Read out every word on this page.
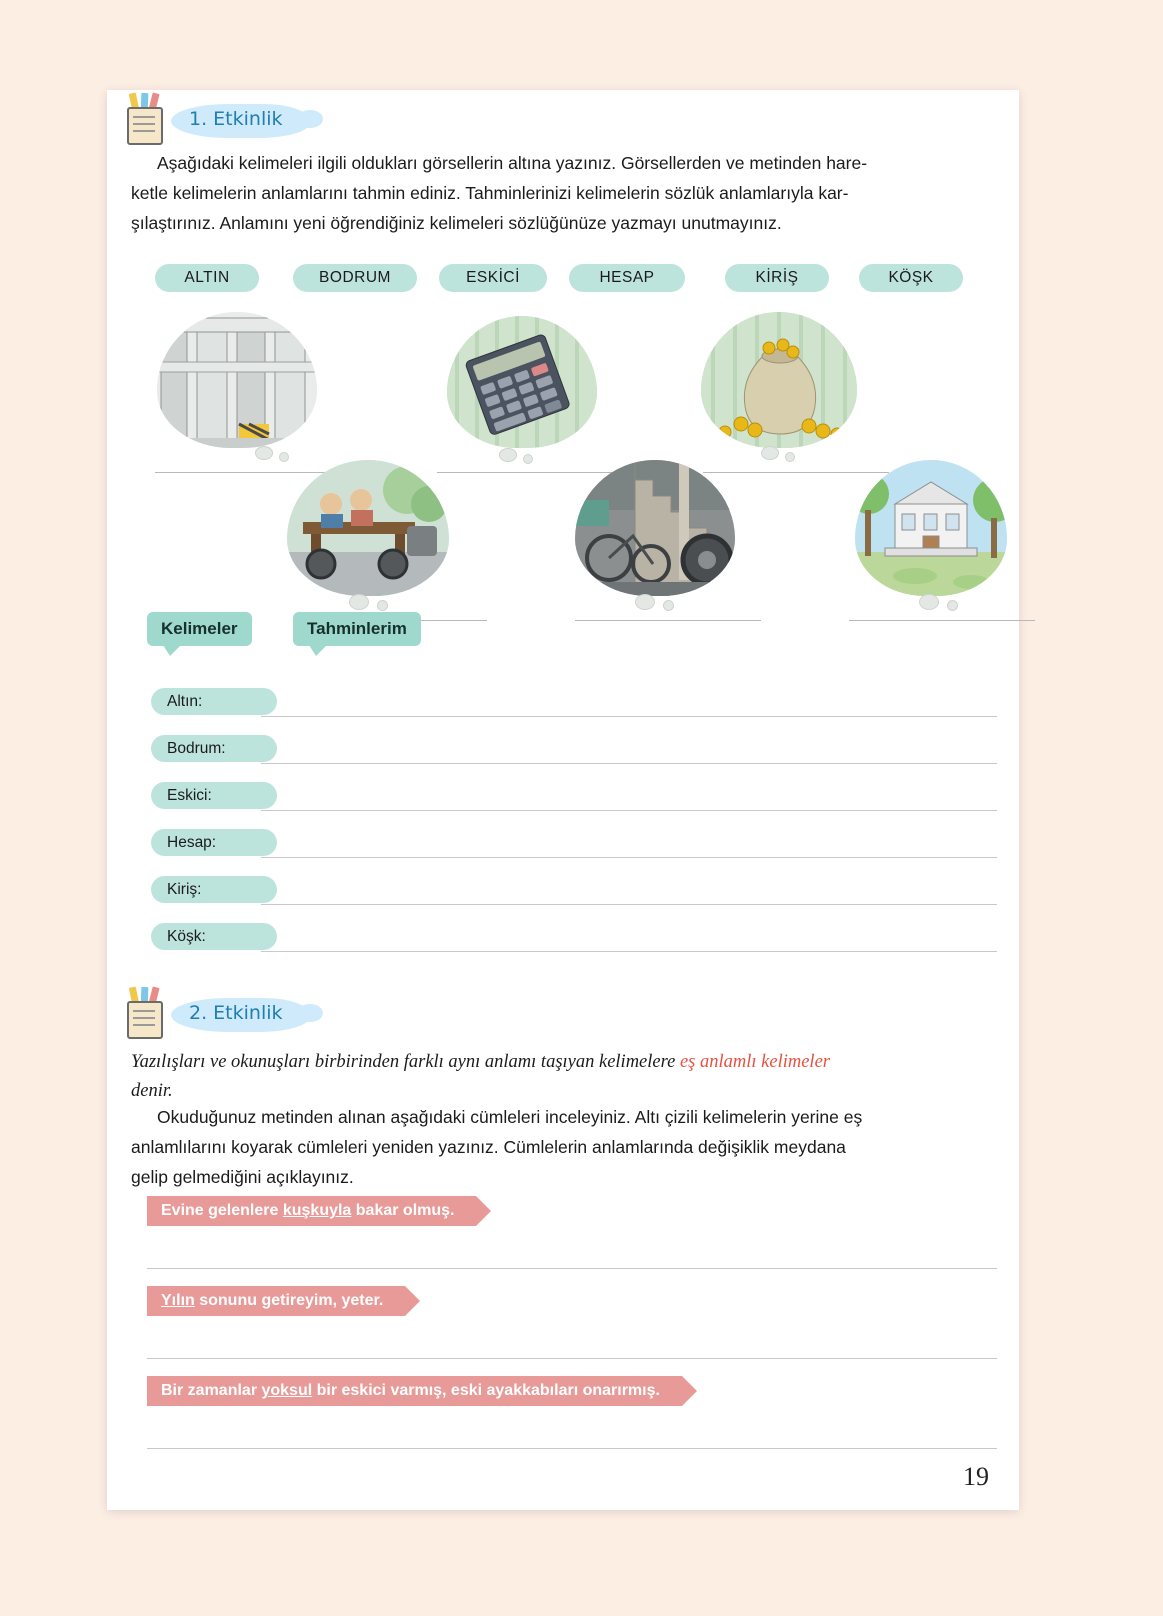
1. Etkinlik
Aşağıdaki kelimeleri ilgili oldukları görsellerin altına yazınız. Görsellerden ve metinden hare-
ketle kelimelerin anlamlarını tahmin ediniz. Tahminlerinizi kelimelerin sözlük anlamlarıyla kar-
şılaştırınız. Anlamını yeni öğrendiğiniz kelimeleri sözlüğünüze yazmayı unutmayınız.
ALTIN	BODRUM	ESKİCİ	HESAP	KİRİŞ	KÖŞK
Kelimeler	Tahminlerim
Altın:
Bodrum:
Eskici:
Hesap:
Kiriş:
Köşk:
2. Etkinlik
Yazılışları ve okunuşları birbirinden farklı aynı anlamı taşıyan kelimelere eş anlamlı kelimeler
denir.
Okuduğunuz metinden alınan aşağıdaki cümleleri inceleyiniz. Altı çizili kelimelerin yerine eş
anlamlılarını koyarak cümleleri yeniden yazınız. Cümlelerin anlamlarında değişiklik meydana
gelip gelmediğini açıklayınız.
Evine gelenlere kuşkuyla bakar olmuş.
Yılın sonunu getireyim, yeter.
Bir zamanlar yoksul bir eskici varmış, eski ayakkabıları onarırmış.
19
